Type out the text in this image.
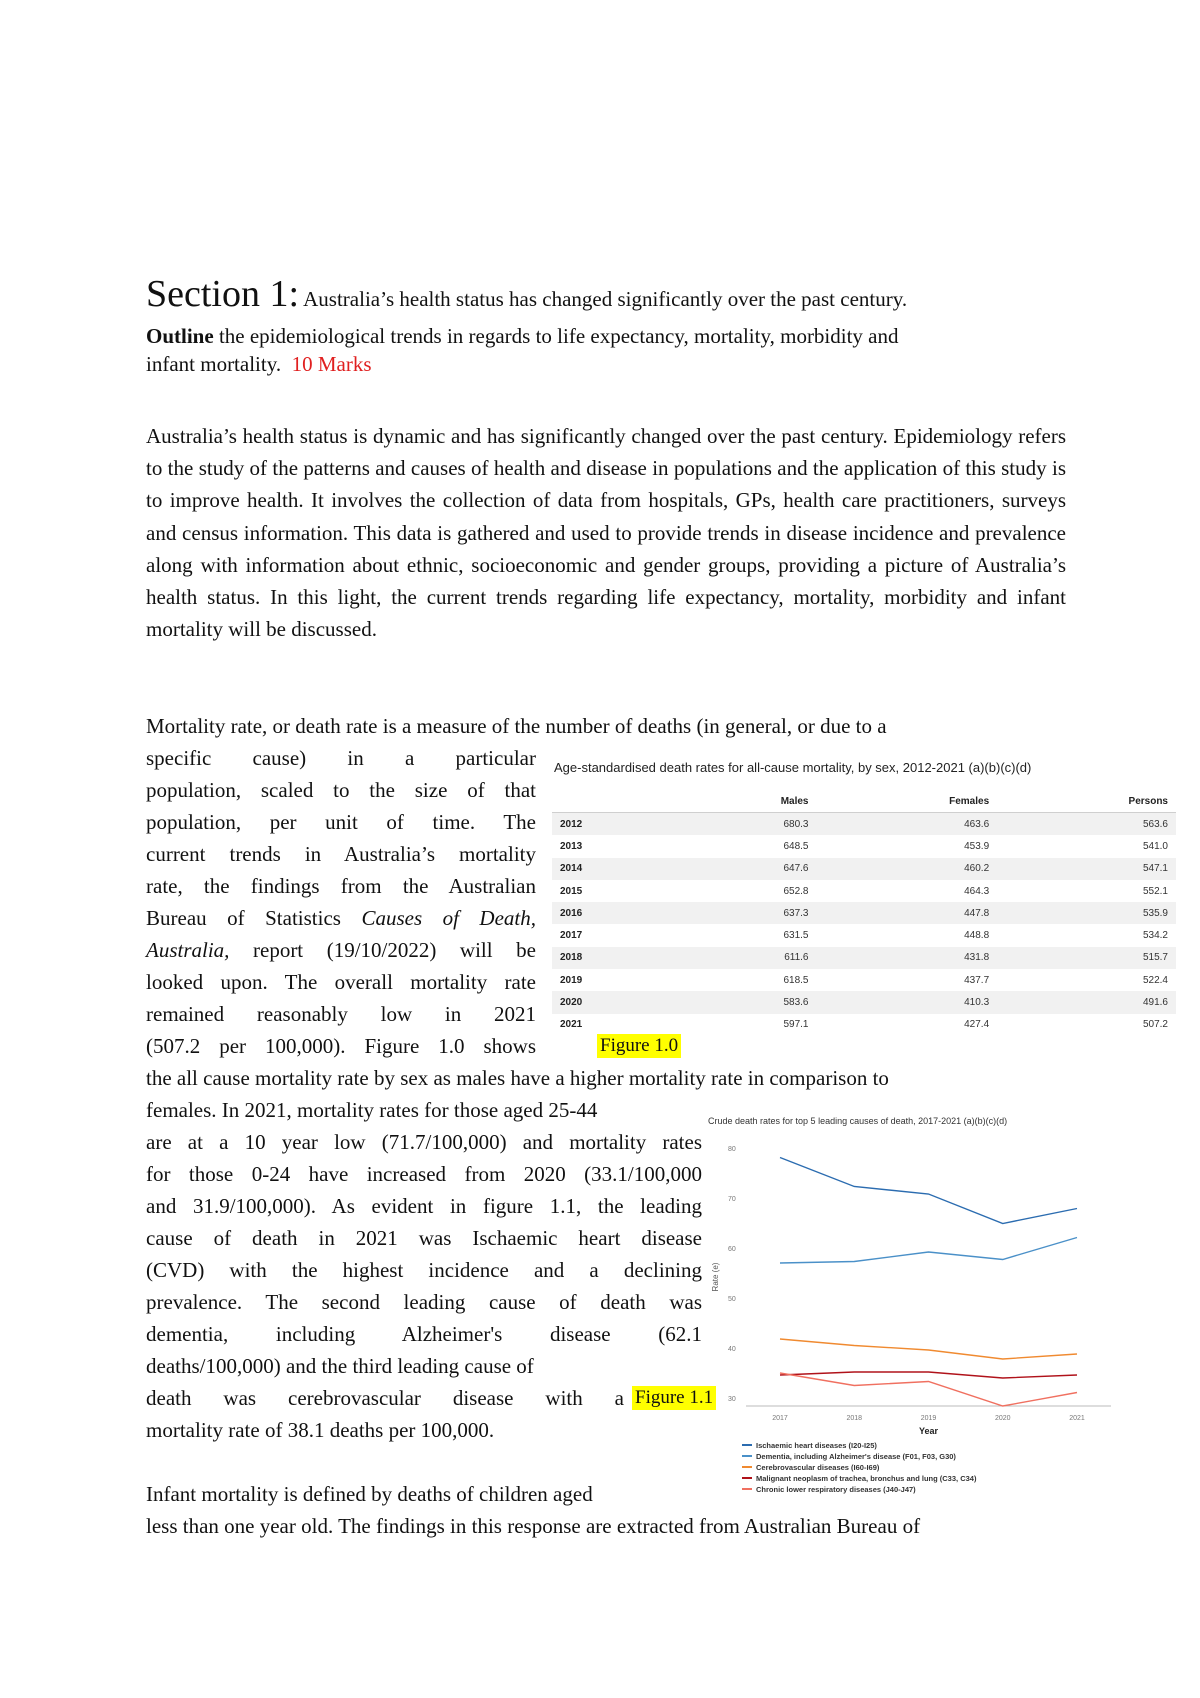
Section 1: Australia’s health status has changed significantly over the past century.
Outline the epidemiological trends in regards to life expectancy, mortality, morbidity and
infant mortality. 10 Marks

Australia’s health status is dynamic and has significantly changed over the past century. Epidemiology refers to the study of the patterns and causes of health and disease in populations and the application of this study is to improve health. It involves the collection of data from hospitals, GPs, health care practitioners, surveys and census information. This data is gathered and used to provide trends in disease incidence and prevalence along with information about ethnic, socioeconomic and gender groups, providing a picture of Australia’s health status. In this light, the current trends regarding life expectancy, mortality, morbidity and infant mortality will be discussed.

Mortality rate, or death rate is a measure of the number of deaths (in general, or due to a
specific cause) in a particular
population, scaled to the size of that
population, per unit of time. The
current trends in Australia’s mortality
rate, the findings from the Australian
Bureau of Statistics Causes of Death,
Australia, report (19/10/2022) will be
looked upon. The overall mortality rate
remained reasonably low in 2021
(507.2 per 100,000). Figure 1.0 shows
the all cause mortality rate by sex as males have a higher mortality rate in comparison to
females. In 2021, mortality rates for those aged 25-44
are at a 10 year low (71.7/100,000) and mortality rates
for those 0-24 have increased from 2020 (33.1/100,000
and 31.9/100,000). As evident in figure 1.1, the leading
cause of death in 2021 was Ischaemic heart disease
(CVD) with the highest incidence and a declining
prevalence. The second leading cause of death was
dementia, including Alzheimer's disease (62.1
deaths/100,000) and the third leading cause of
death was cerebrovascular disease with a
mortality rate of 38.1 deaths per 100,000.
Infant mortality is defined by deaths of children aged
less than one year old. The findings in this response are extracted from Australian Bureau of
Figure 1.0
Figure 1.1
Age-standardised death rates for all-cause mortality, by sex, 2012-2021 (a)(b)(c)(d)
	Males	Females	Persons
2012	680.3	463.6	563.6
2013	648.5	453.9	541.0
2014	647.6	460.2	547.1
2015	652.8	464.3	552.1
2016	637.3	447.8	535.9
2017	631.5	448.8	534.2
2018	611.6	431.8	515.7
2019	618.5	437.7	522.4
2020	583.6	410.3	491.6
2021	597.1	427.4	507.2
Crude death rates for top 5 leading causes of death, 2017-2021 (a)(b)(c)(d)
80
70
60
50
40
30
Rate (e)
2017	2018	2019	2020	2021
Year
Ischaemic heart diseases (I20-I25)
Dementia, including Alzheimer's disease (F01, F03, G30)
Cerebrovascular diseases (I60-I69)
Malignant neoplasm of trachea, bronchus and lung (C33, C34)
Chronic lower respiratory diseases (J40-J47)
